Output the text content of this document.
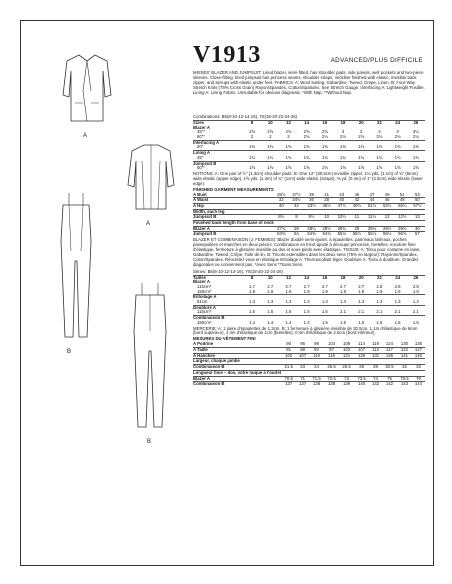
A
A
B
B
V1913	ADVANCED/PLUS DIFFICILE
MISSES' BLAZER AND JUMPSUIT: Lined blazer, semi-fitted, has shoulder pads, side panels, welt pockets and two-piece sleeves. Close-fitting, lined jumpsuit has princess seams, shoulder straps, neckline finished with elastic, invisible back zipper, and stirrups with elastic under feet. FABRICS: A: Wool Suiting, Gabardine, Tweed, Crepe, Linen. B: Four-Way Stretch Knits (75% Cross Grain) Rayon/Spandex, Cotton/Spandex. See Stretch Gauge. Interfacing A: Lightweight Fusible. Lining A: Lining Fabric. Unsuitable for obvious diagonals. *With Nap. **Without Nap.
Combinations: B5(8-10-12-14-16), Y5(18-20-22-24-26)
Sizes	8	10	12	14	16	18	20	22	24	26
Blazer A										
45"*	2⅝	2⅝	2¾	2⅝	2⅝	3	3	3	3	3¼
60"*	2	2	2	2⅛	2⅛	2⅛	2⅛	2⅛	2⅛	2⅛
Interfacing A										
20"	1⅜	1⅜	1⅜	1⅜	1⅜	1⅜	1⅜	1⅜	1⅜	1⅜
Lining A										
45"	1¾	1¾	1¾	1¾	1¾	1¾	1¾	1¾	1¾	1¾
Jumpsuit B										
60"*	1⅝	1⅝	1⅝	1⅝	1⅝	1⅝	1⅝	1⅝	1⅝	1⅝
NOTIONS: A: One pair of ½" (1.3cm) shoulder pads. B: One 12" (30.5cm) invisible zipper, 1⅛ yds. (1.1m) of ¾" (6mm) wide elastic (upper edge), 1⅝ yds. (1.4m) of ¾" (1cm) wide elastic (straps), ⅜ yd. (0.4m) of 1" (2.5cm) wide elastic (lower edge).
FINISHED GARMENT MEASUREMENTS
A Bust	35½	37½	39	41	43	45	47	49	51	53
A Waist	32	34½	36	38	40	42	44	46	48	50
A Hip	40	42	43½	45½	47½	49½	51½	53½	55½	57½
Width, each leg										
Jumpsuit B	8½	9	9½	10	10½	11	11½	12	12½	13
Finished back length from base of neck										
Blazer A	27¾	28	28¼	28½	28¾	29	29¼	29½	29¾	30
Jumpsuit B	53⅝	54	54⅜	54¾	55⅛	55½	55⅞	56¼	56⅝	57
BLAZER ET COMBINAISON (J. FEMMES): Blazer doublé semi-ajusté, à épaulettes, panneaux latéraux, poches passepoilées et manches en deux pièces. Combinaison en tricot ajusté à découpe princesse, bretelles, encolure finie d'élastique, fermeture à glissière invisible au dos et sous-pieds avec élastique. TISSUS: A: Tissu pour costume en laine, Gabardine, Tweed, Crêpe, Toile de lin. B: Tricots extensibles dans les deux sens (75% en largeur): Rayonne/Spandex, Coton/Spandex. Réocettez vous en élastique Entoilage A: Thermocollant léger. Doublure A: Tissu à doublure. Grandes diagonales ne conviennent pas. *Avec Sens **Sans Sens
Séries: B5(8-10-12-14-16), Y5(18-20-22-24-26)
Tailles	8	10	12	14	16	18	20	22	24	26
Blazer A										
115cm*	2.7	2.7	2.7	2.7	2.7	2.7	2.7	2.8	2.8	2.8
150cm*	1.9	1.9	1.9	1.9	1.9	1.9	1.9	1.9	1.9	1.9
Entoilage A										
51cm	1.3	1.3	1.3	1.3	1.3	1.3	1.3	1.3	1.3	1.3
Doublure A										
115cm*	1.5	1.5	1.5	1.5	1.5	2.1	2.1	2.1	2.1	2.1
Combinaison B										
150cm*	1.4	1.4	1.4	1.4	1.5	1.5	1.5	1.5	1.5	1.5
MERCERIE: A: 1 paire d'épaulettes de 1.3cm. B: 1 fermeture à glissière invisible de 30.5cm, 1.1m d'élastique de 6mm (bord supérieur), 1.4m d'élastique de 1cm (bretelles), 0.4m d'élastique de 2.5cm (bord inférieur).
MESURES DU VÊTEMENT FINI
A Poitrine	90	95	99	104	109	114	119	124	130	135
A Taille	81	88	92	97	102	107	112	117	122	127
A Hanches	102	107	110	116	121	126	131	136	141	146
Largeur, chaque jambe										
Combinaison B	21.5	23	24	25.5	26.5	28	29	30.5	32	33
Longueur finie – dos, votre nuque à l'ourlet										
Blazer A	70.5	71	71.5	72.5	73	73.5	74	75	75.5	76
Combinaison B	137	137	138	138	139	140	142	142	143	144
